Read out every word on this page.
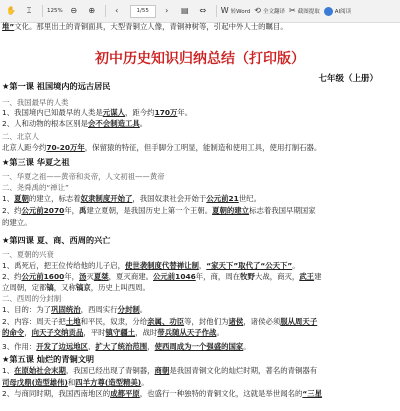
✋ ⌶	125% ⊖ ⊕	‹	1/55	› ▤ ⇔ W 转Word ⟲ 全文翻译 ✂ 截图提取	AI阅读
初中历史知识归纳总结（打印版）
七年级（上册）
★第一课 祖国境内的远古居民
一、我国最早的人类
1、我国境内已知最早的人类是元谋人，距今约170万年。
2、人和动物的根本区别是会不会制造工具。
二、北京人
北京人距今约70-20万年，保留猿的特征，但手脚分工明显，能制造和使用工具，使用打制石器。
★第三课 华夏之祖
一、华夏之祖——黄帝和炎帝，人文初祖——黄帝
二、尧舜禹的“禅让”
1、夏朝的建立，标志着奴隶制度开始了，我国奴隶社会开始于公元前21世纪。
2、约公元前2070年，禹建立夏朝，是我国历史上第一个王朝。夏朝的建立标志着我国早期国家
的建立。
★第四课 夏、商、西周的兴亡
一、夏朝的兴衰
1、禹死后，把王位传给他的儿子启，使世袭制度代替禅让制，“家天下”取代了“公天下”。
2、约公元前1600年，汤灭夏桀，夏灭商建。公元前1046年，商，周在牧野大战，商灭，武王建
立周朝，定都镐，又称镐京，历史上叫西周。
二、西周的分封制
1、目的：为了巩固统治，西周实行分封制。
2、内容：周天子把土地和平民，奴隶，分给亲属、功臣等，封他们为诸侯，诸侯必须服从周天子
的命令，向天子交纳贡品，平时镇守疆土，战时带兵随从天子作战。
3、作用：开发了边远地区，扩大了统治范围，使西周成为一个强盛的国家。
★第五课 灿烂的青铜文明
1、在原始社会末期，我国已经出现了青铜器，商朝是我国青铜文化的灿烂时期，著名的青铜器有
司母戊鼎(造型雄伟)和四羊方尊(造型精美)。
2、与商同时期，我国西南地区的成都平原，也盛行一种独特的青铜文化，这就是举世闻名的“三星
堆”文化。那里出土的青铜面具，大型青铜立人像，青铜神树等，引起中外人士的瞩目。
